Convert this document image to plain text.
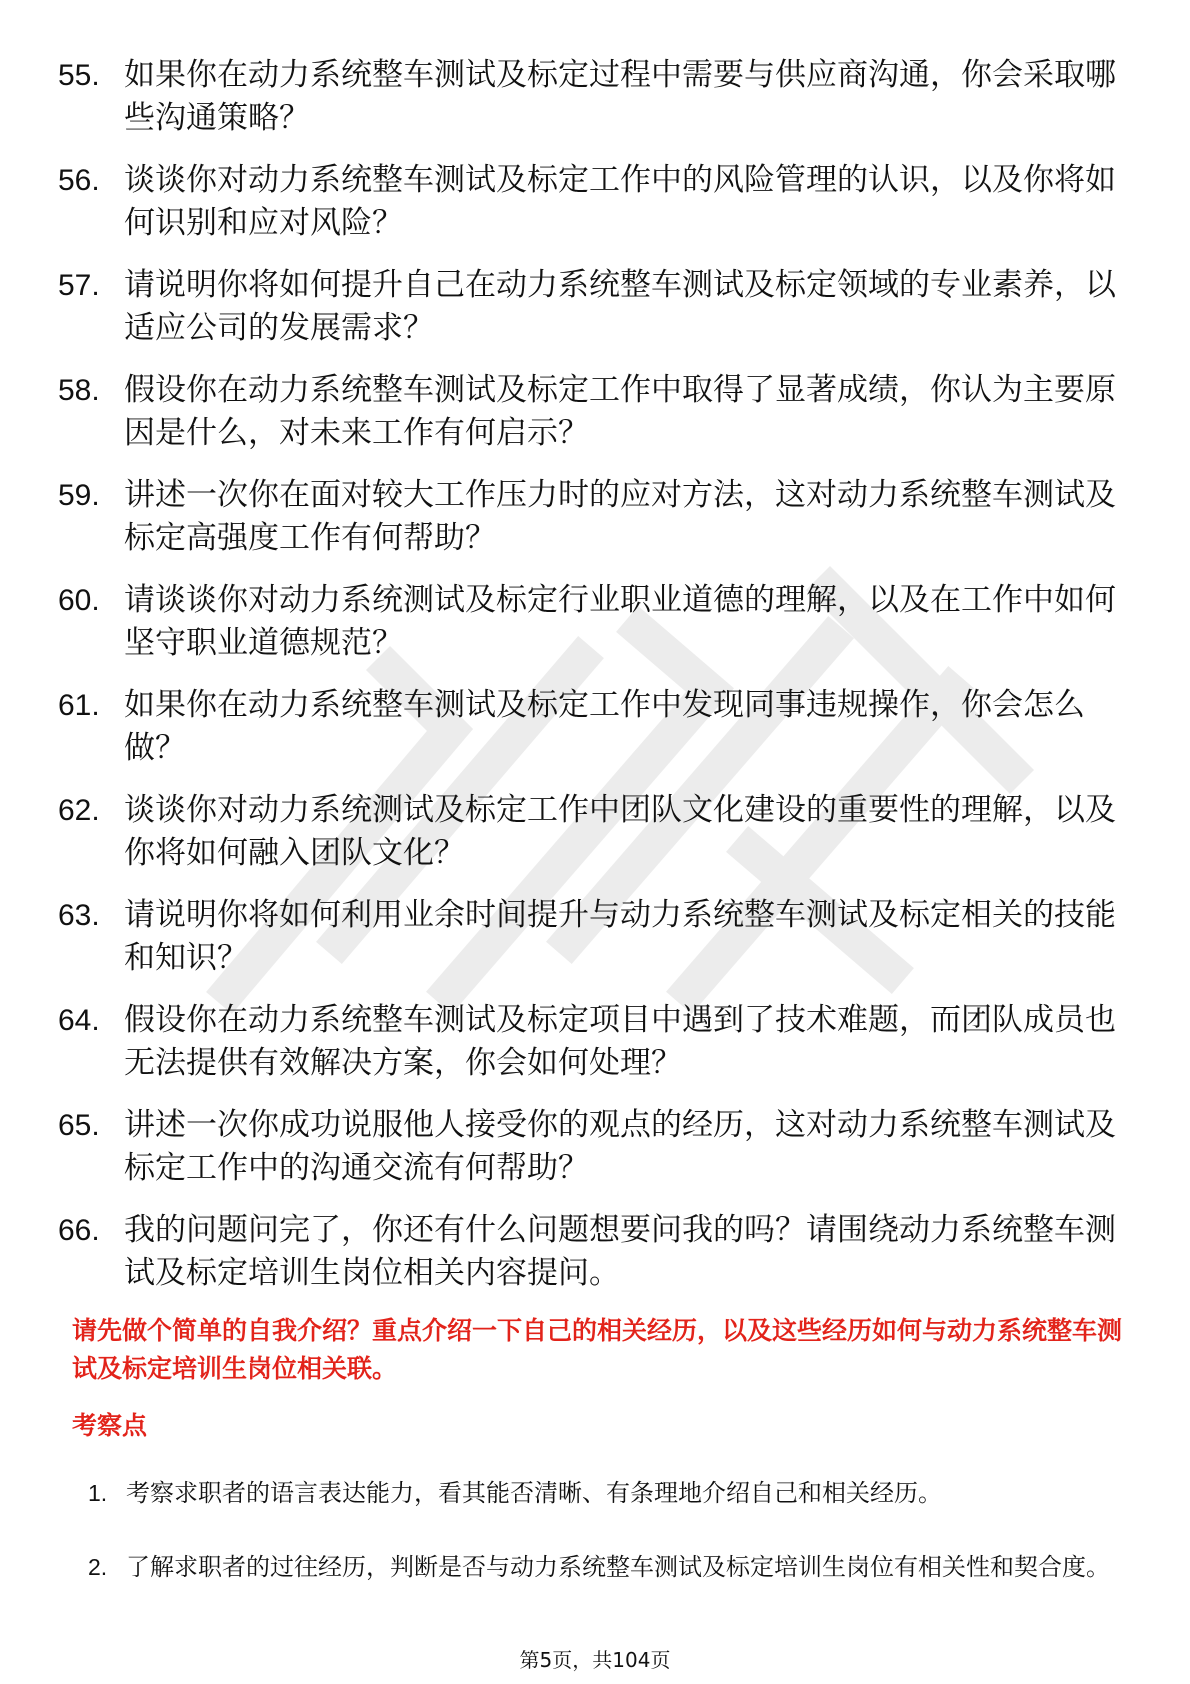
55. 如果你在动力系统整车测试及标定过程中需要与供应商沟通，你会采取哪些沟通策略？
56. 谈谈你对动力系统整车测试及标定工作中的风险管理的认识，以及你将如何识别和应对风险？
57. 请说明你将如何提升自己在动力系统整车测试及标定领域的专业素养，以适应公司的发展需求？
58. 假设你在动力系统整车测试及标定工作中取得了显著成绩，你认为主要原因是什么，对未来工作有何启示？
59. 讲述一次你在面对较大工作压力时的应对方法，这对动力系统整车测试及标定高强度工作有何帮助？
60. 请谈谈你对动力系统测试及标定行业职业道德的理解，以及在工作中如何坚守职业道德规范？
61. 如果你在动力系统整车测试及标定工作中发现同事违规操作，你会怎么做？
62. 谈谈你对动力系统测试及标定工作中团队文化建设的重要性的理解，以及你将如何融入团队文化？
63. 请说明你将如何利用业余时间提升与动力系统整车测试及标定相关的技能和知识？
64. 假设你在动力系统整车测试及标定项目中遇到了技术难题，而团队成员也无法提供有效解决方案，你会如何处理？
65. 讲述一次你成功说服他人接受你的观点的经历，这对动力系统整车测试及标定工作中的沟通交流有何帮助？
66. 我的问题问完了，你还有什么问题想要问我的吗？请围绕动力系统整车测试及标定培训生岗位相关内容提问。

请先做个简单的自我介绍？重点介绍一下自己的相关经历，以及这些经历如何与动力系统整车测试及标定培训生岗位相关联。

考察点

1. 考察求职者的语言表达能力，看其能否清晰、有条理地介绍自己和相关经历。
2. 了解求职者的过往经历，判断是否与动力系统整车测试及标定培训生岗位有相关性和契合度。
第5页，共104页
